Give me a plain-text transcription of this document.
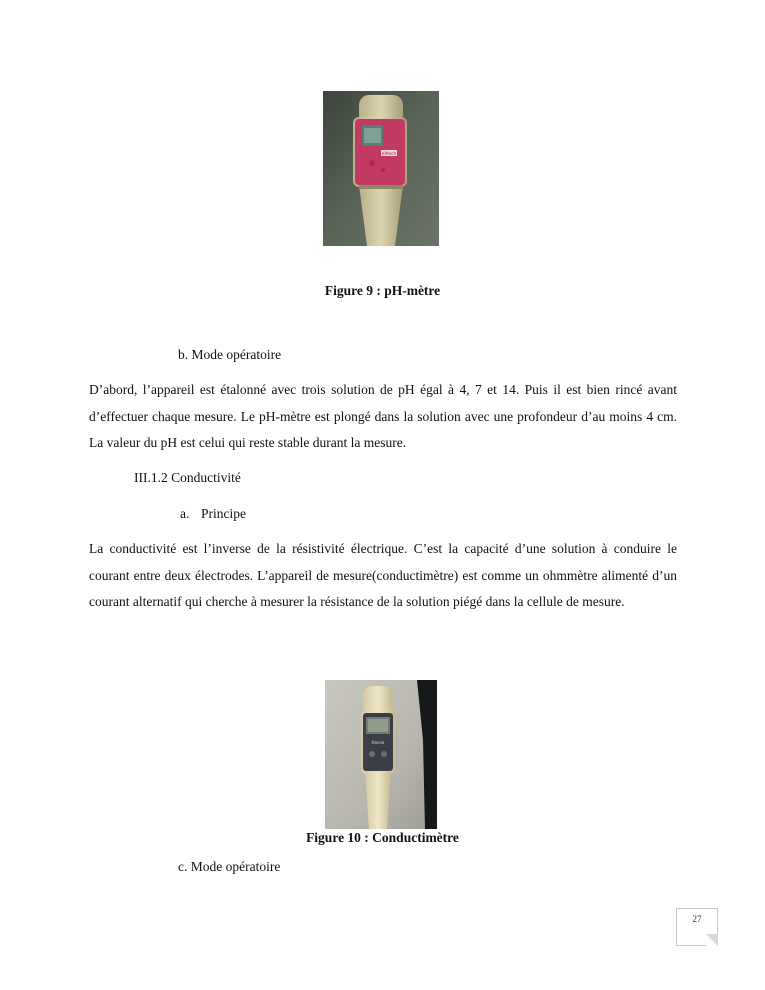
eXtech
Figure 9 : pH-mètre
b. Mode opératoire

D’abord, l’appareil est étalonné avec trois solution de pH égal à 4, 7 et 14. Puis il est bien rincé avant d’effectuer chaque mesure. Le pH-mètre est plongé dans la solution avec une profondeur d’au moins 4 cm. La valeur du pH est celui qui reste stable durant la mesure.

III.1.2 Conductivité
a. Principe

La conductivité est l’inverse de la résistivité électrique. C’est la capacité d’une solution à conduire le courant entre deux électrodes. L’appareil de mesure(conductimètre) est comme un ohmmètre alimenté d’un courant alternatif qui cherche à mesurer la résistance de la solution piégé dans la cellule de mesure.

Hanna
Figure 10 : Conductimètre
c. Mode opératoire
27
